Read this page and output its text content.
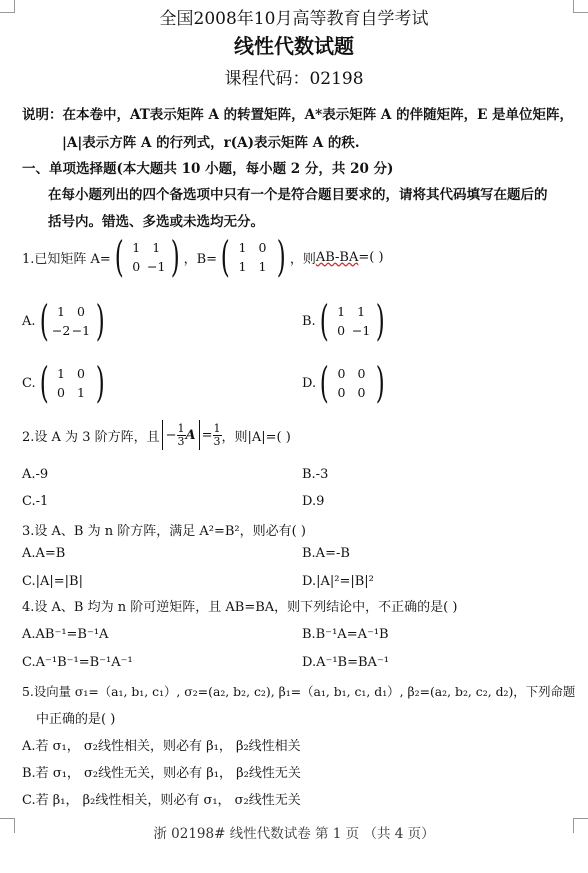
全国2008年10月高等教育自学考试
线性代数试题
课程代码：02198
说明：在本卷中，AT表示矩阵 A 的转置矩阵，A*表示矩阵 A 的伴随矩阵，E 是单位矩阵，
|A|表示方阵 A 的行列式，r(A)表示矩阵 A 的秩.
一、单项选择题(本大题共 10 小题，每小题 2 分，共 20 分)
在每小题列出的四个备选项中只有一个是符合题目要求的，请将其代码填写在题后的
括号内。错选、多选或未选均无分。
1.已知矩阵 A= ( 1 1
0 −1 ) ，B= ( 1 0
1 1 ) ，则 AB-BA =( )
A. ( 1 0
−2 −1 )	B. ( 1 1
0 −1 )
C. ( 1 0
0 1 )	D. ( 0 0
0 0 )
2.设 A 为 3 阶方阵，且 − $\frac{1}{3}$ $A = \frac{1}{3}$ ，则|A|=( )
A.-9	B.-3
C.-1	D.9
3.设 A、B 为 n 阶方阵，满足 A²=B²，则必有( )
A.A=B	B.A=-B
C.|A|=|B|	D.|A|²=|B|²
4.设 A、B 均为 n 阶可逆矩阵，且 AB=BA，则下列结论中，不正确的是( )
A.AB⁻¹=B⁻¹A	B.B⁻¹A=A⁻¹B
C.A⁻¹B⁻¹=B⁻¹A⁻¹	D.A⁻¹B=BA⁻¹
5.设向量 σ₁=（a₁, b₁, c₁）, σ₂=(a₂, b₂, c₂), β₁=（a₁, b₁, c₁, d₁）, β₂=(a₂, b₂, c₂, d₂)，下列命题
中正确的是( )
A.若 σ₁， σ₂线性相关，则必有 β₁， β₂线性相关
B.若 σ₁， σ₂线性无关，则必有 β₁， β₂线性无关
C.若 β₁， β₂线性相关，则必有 σ₁， σ₂线性无关
浙 02198# 线性代数试卷 第 1 页 （共 4 页）
